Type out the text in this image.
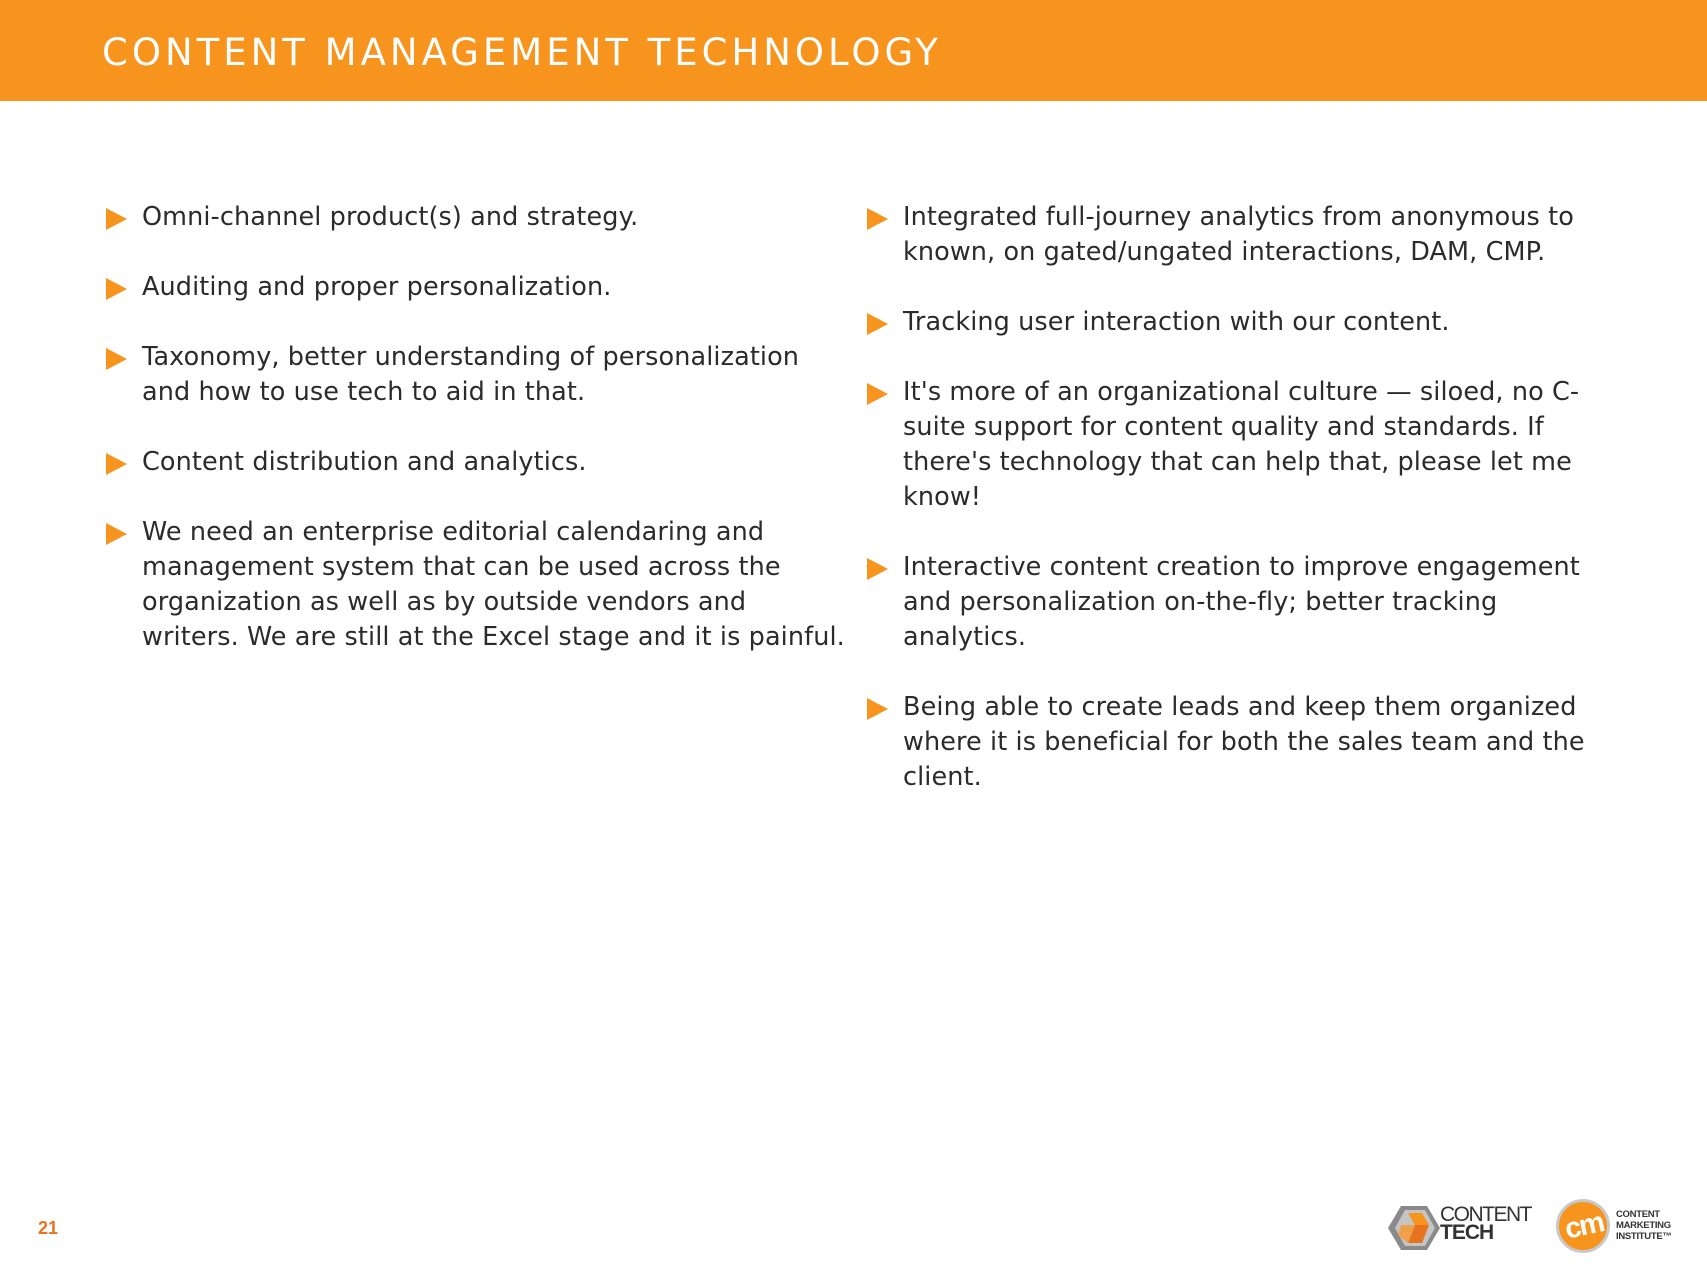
CONTENT MANAGEMENT TECHNOLOGY
Omni-channel product(s) and strategy.
Auditing and proper personalization.
Taxonomy, better understanding of personalization and how to use tech to aid in that.
Content distribution and analytics.
We need an enterprise editorial calendaring and management system that can be used across the organization as well as by outside vendors and writers. We are still at the Excel stage and it is painful.
Integrated full-journey analytics from anonymous to known, on gated/ungated interactions, DAM, CMP.
Tracking user interaction with our content.
It's more of an organizational culture — siloed, no C-suite support for content quality and standards. If there's technology that can help that, please let me know!
Interactive content creation to improve engagement and personalization on-the-fly; better tracking analytics.
Being able to create leads and keep them organized where it is beneficial for both the sales team and the client.
21
CONTENT
TECH cm CONTENT
MARKETING
INSTITUTE™
